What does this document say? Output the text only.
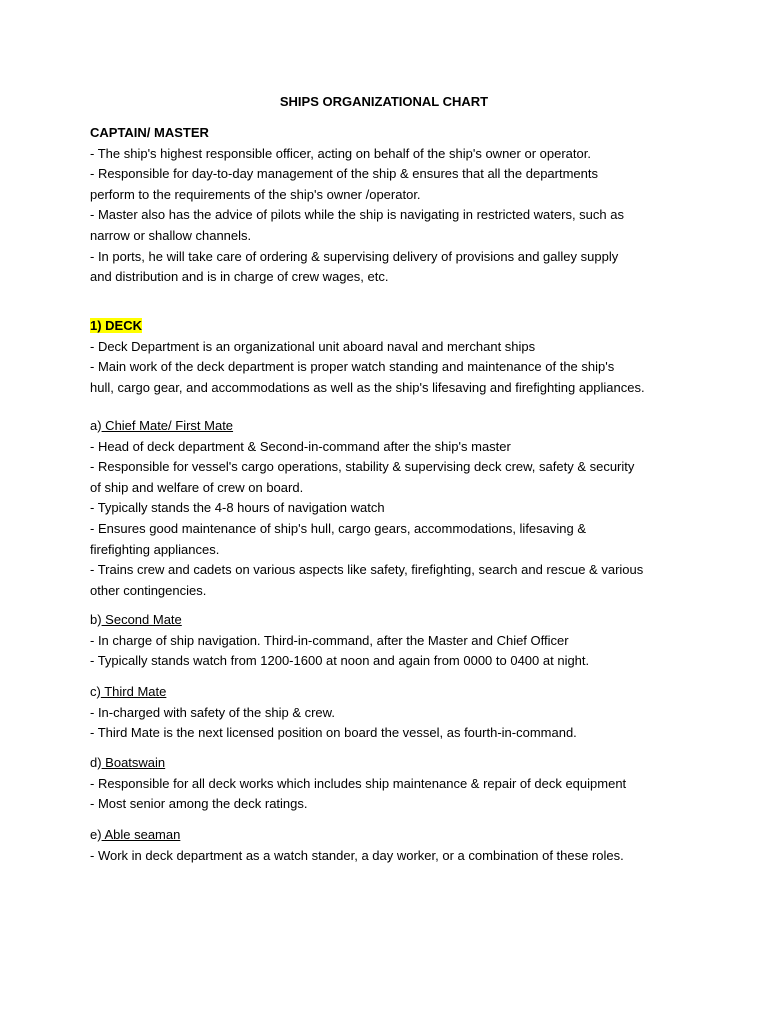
SHIPS ORGANIZATIONAL CHART
CAPTAIN/ MASTER
- The ship's highest responsible officer, acting on behalf of the ship's owner or operator.
- Responsible for day-to-day management of the ship & ensures that all the departments
perform to the requirements of the ship's owner /operator.
- Master also has the advice of pilots while the ship is navigating in restricted waters, such as
narrow or shallow channels.
- In ports, he will take care of ordering & supervising delivery of provisions and galley supply
and distribution and is in charge of crew wages, etc.
1) DECK
- Deck Department is an organizational unit aboard naval and merchant ships
- Main work of the deck department is proper watch standing and maintenance of the ship's
hull, cargo gear, and accommodations as well as the ship's lifesaving and firefighting appliances.
a) Chief Mate/ First Mate
- Head of deck department & Second-in-command after the ship's master
- Responsible for vessel's cargo operations, stability & supervising deck crew, safety & security
of ship and welfare of crew on board.
- Typically stands the 4-8 hours of navigation watch
- Ensures good maintenance of ship's hull, cargo gears, accommodations, lifesaving &
firefighting appliances.
- Trains crew and cadets on various aspects like safety, firefighting, search and rescue & various
other contingencies.
b) Second Mate
- In charge of ship navigation. Third-in-command, after the Master and Chief Officer
- Typically stands watch from 1200-1600 at noon and again from 0000 to 0400 at night.
c) Third Mate
- In-charged with safety of the ship & crew.
- Third Mate is the next licensed position on board the vessel, as fourth-in-command.
d) Boatswain
- Responsible for all deck works which includes ship maintenance & repair of deck equipment
- Most senior among the deck ratings.
e) Able seaman
- Work in deck department as a watch stander, a day worker, or a combination of these roles.
